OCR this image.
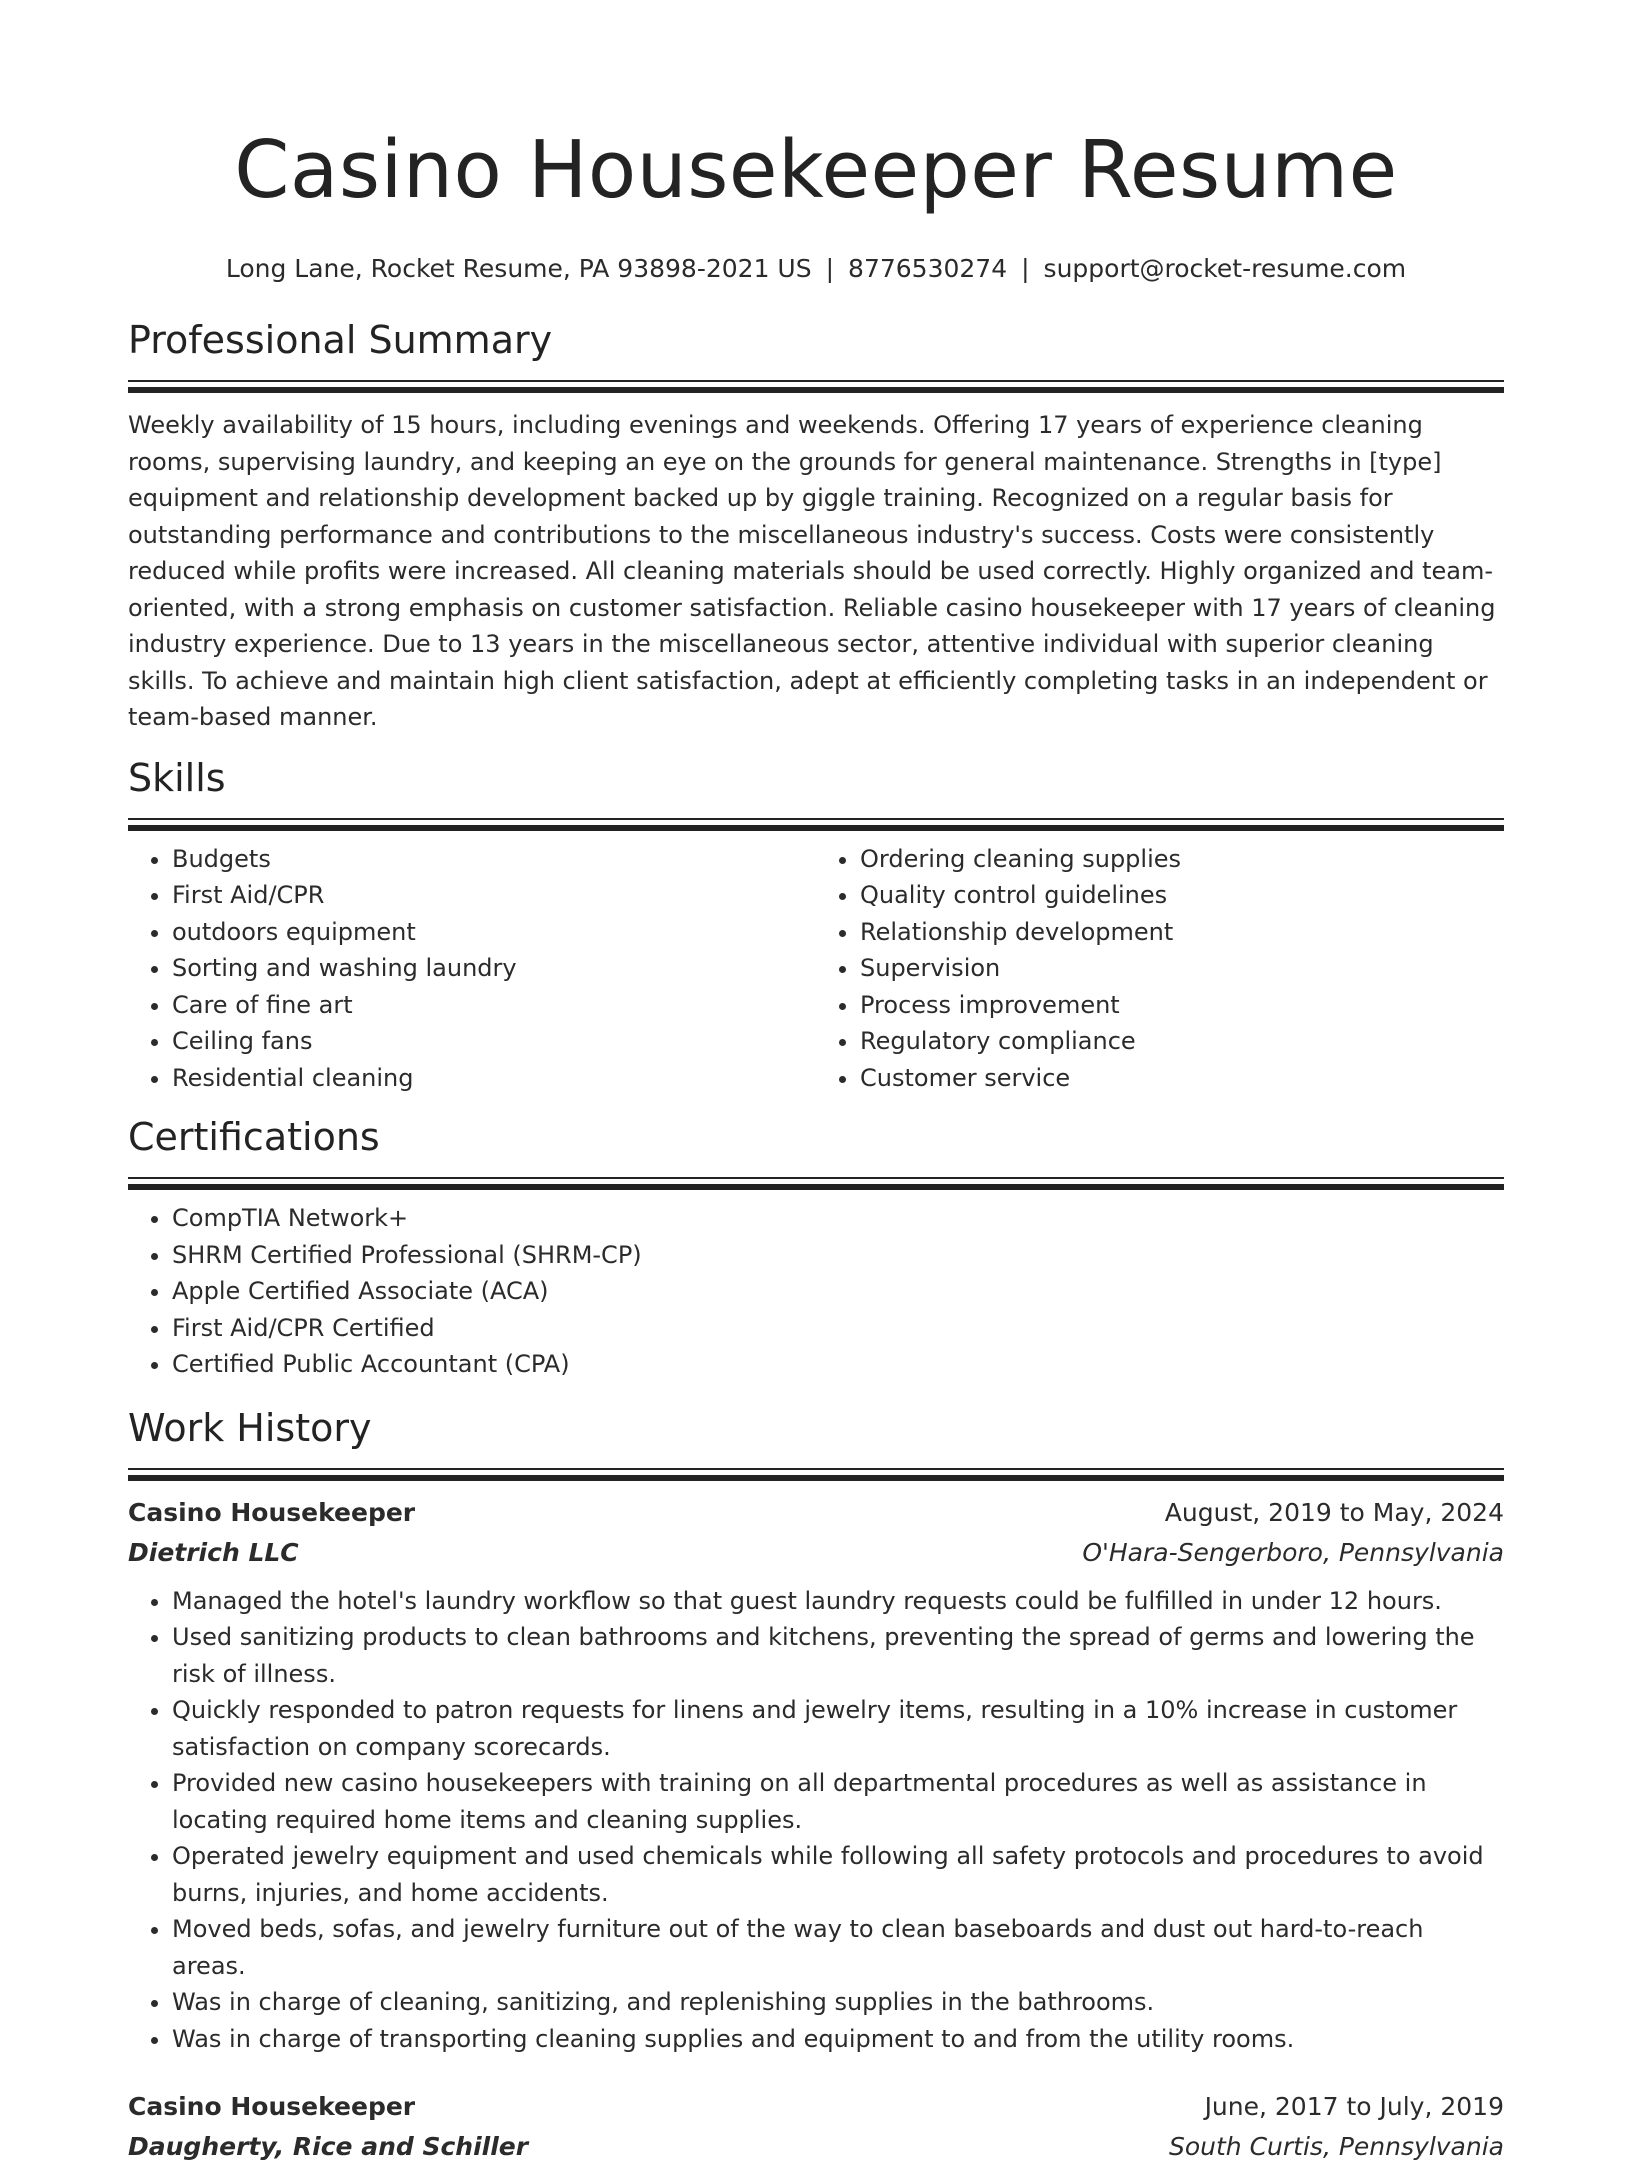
Casino Housekeeper Resume
Long Lane, Rocket Resume, PA 93898-2021 US | 8776530274 | support@rocket-resume.com
Professional Summary

Weekly availability of 15 hours, including evenings and weekends. Offering 17 years of experience cleaning rooms, supervising laundry, and keeping an eye on the grounds for general maintenance. Strengths in [type] equipment and relationship development backed up by giggle training. Recognized on a regular basis for outstanding performance and contributions to the miscellaneous industry's success. Costs were consistently reduced while profits were increased. All cleaning materials should be used correctly. Highly organized and team-oriented, with a strong emphasis on customer satisfaction. Reliable casino housekeeper with 17 years of cleaning industry experience. Due to 13 years in the miscellaneous sector, attentive individual with superior cleaning skills. To achieve and maintain high client satisfaction, adept at efficiently completing tasks in an independent or team-based manner.

Skills
• Budgets
• First Aid/CPR
• outdoors equipment
• Sorting and washing laundry
• Care of fine art
• Ceiling fans
• Residential cleaning
• Ordering cleaning supplies
• Quality control guidelines
• Relationship development
• Supervision
• Process improvement
• Regulatory compliance
• Customer service
Certifications
• CompTIA Network+
• SHRM Certified Professional (SHRM-CP)
• Apple Certified Associate (ACA)
• First Aid/CPR Certified
• Certified Public Accountant (CPA)
Work History
Casino Housekeeper	August, 2019 to May, 2024
Dietrich LLC	O'Hara-Sengerboro, Pennsylvania
• Managed the hotel's laundry workflow so that guest laundry requests could be fulfilled in under 12 hours.
• Used sanitizing products to clean bathrooms and kitchens, preventing the spread of germs and lowering the risk of illness.
• Quickly responded to patron requests for linens and jewelry items, resulting in a 10% increase in customer satisfaction on company scorecards.
• Provided new casino housekeepers with training on all departmental procedures as well as assistance in locating required home items and cleaning supplies.
• Operated jewelry equipment and used chemicals while following all safety protocols and procedures to avoid burns, injuries, and home accidents.
• Moved beds, sofas, and jewelry furniture out of the way to clean baseboards and dust out hard-to-reach areas.
• Was in charge of cleaning, sanitizing, and replenishing supplies in the bathrooms.
• Was in charge of transporting cleaning supplies and equipment to and from the utility rooms.
Casino Housekeeper	June, 2017 to July, 2019
Daugherty, Rice and Schiller	South Curtis, Pennsylvania
